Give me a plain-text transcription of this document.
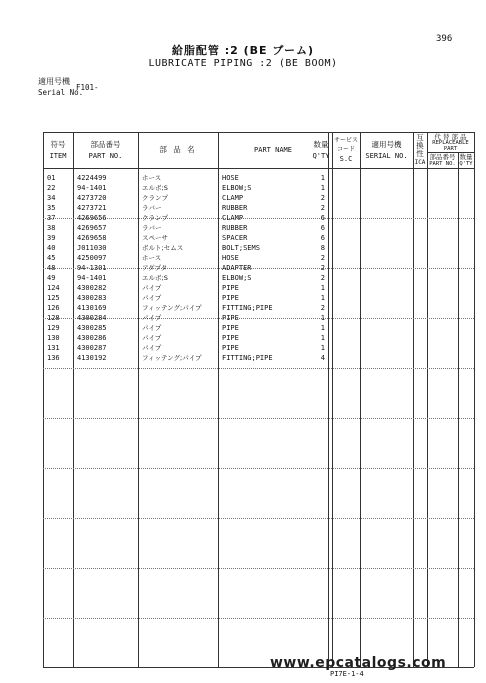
396
給脂配管 :2 (BE ブーム)
LUBRICATE PIPING :2 (BE BOOM)
適用号機
Serial No.
F101-
符号
ITEM
部品番号
PART NO.
部 品 名	PART NAME
数量
Q'TY
サービス
コード
S.C
適用号機
SERIAL NO.
互
換
性
ICA
代 替 部 品
REPLACEABLE
PART
部品番号
PART NO.
数量
Q'TY
01	4224499	ホース	HOSE	1
22	94-1401	エルボ;S	ELBOW;S	1
34	4273720	クランプ	CLAMP	2
35	4273721	ラバー	RUBBER	2
37	4269656	クランプ	CLAMP	6
38	4269657	ラバー	RUBBER	6
39	4269658	スペーサ	SPACER	6
40	J011030	ボルト;セムス	BOLT;SEMS	8
45	4250097	ホース	HOSE	2
48	94-1301	アダプタ	ADAPTER	2
49	94-1401	エルボ;S	ELBOW;S	2
124 4300282	パイプ	PIPE	1
125 4300283	パイプ	PIPE	1
126 4130169	フィッテング;パイプ	FITTING;PIPE	2
128 4300284	パイプ	PIPE	1
129 4300285	パイプ	PIPE	1
130 4300286	パイプ	PIPE	1
131 4300287	パイプ	PIPE	1
136 4130192	フィッテング;パイプ	FITTING;PIPE	4
www.epcatalogs.com
PI7E-1-4
